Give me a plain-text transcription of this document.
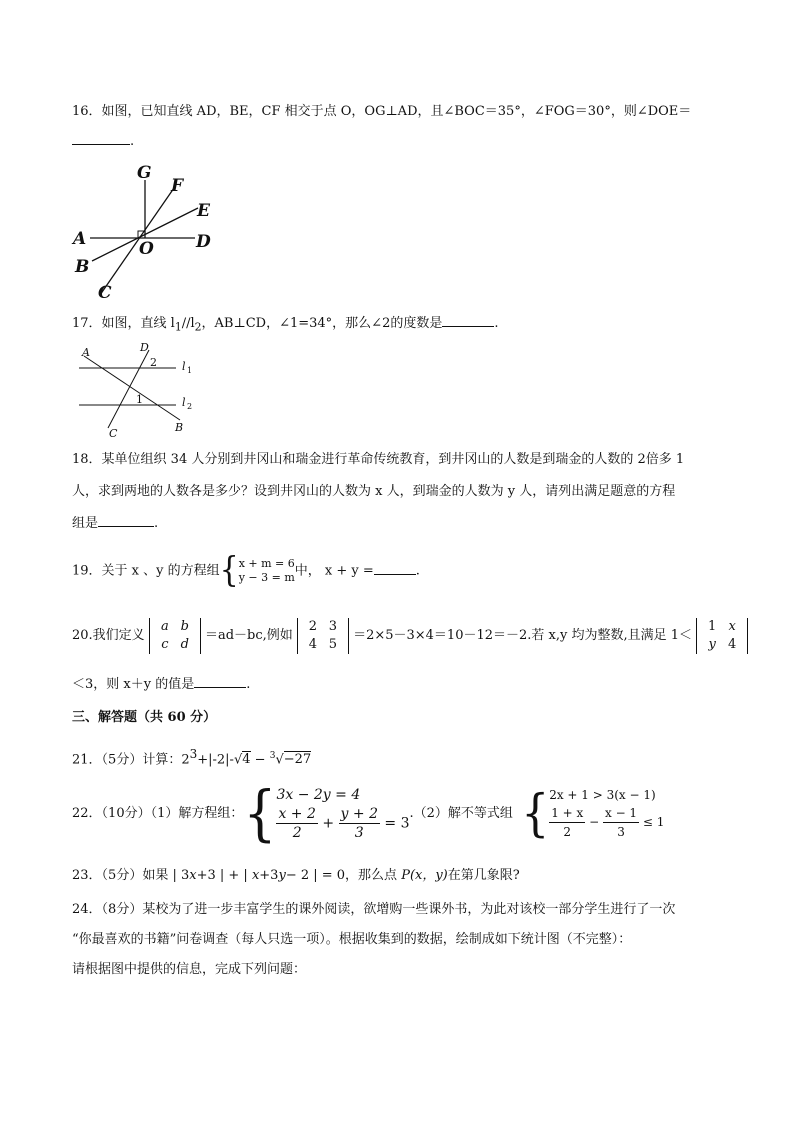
16．如图，已知直线 AD，BE，CF 相交于点 O，OG⊥AD，且∠BOC＝35°，∠FOG＝30°，则∠DOE＝
.
G
F
E
A	O D
B
C
17．如图，直线 $l_1//l_2$，AB⊥CD，∠1=34°，那么∠2的度数是	.
A	D
2 l 1
1	l 2
C	B
18．某单位组织 34 人分别到井冈山和瑞金进行革命传统教育，到井冈山的人数是到瑞金的人数的 2倍多 1
人，求到两地的人数各是多少？设到井冈山的人数为 x 人，到瑞金的人数为 y 人，请列出满足题意的方程
组是	.
19．关于 x 、y 的方程组{ x + m = 6
y − 3 = m 中， x + y =	.
20.我们定义 a b
c d ＝ad－bc,例如 2 3
4 5 ＝2×5－3×4＝10－12＝－2.若 x,y 均为整数,且满足 1＜ 1 x
y 4
＜3，则 x＋y 的值是	.
三、解答题（共 60 分）
21．（5分）计算：$2^3+|-2|-√4 - ^3√-27$
22．（10分）（1）解方程组：{ 3x − 2y = 4
$\frac{x + 2}{2} + \frac{y + 2}{3} = 3$
.（2）解不等式组 { 2x + 1 > 3(x − 1)
$\frac{1 + x}{2} - \frac{x - 1}{3} \le 1$
23．（5分）如果 | 3x+3 | + | x+3y− 2 | = 0，那么点 P(x，y)在第几象限?
24．（8分）某校为了进一步丰富学生的课外阅读，欲增购一些课外书，为此对该校一部分学生进行了一次
“你最喜欢的书籍”问卷调查（每人只选一项）。根据收集到的数据，绘制成如下统计图（不完整）：
请根据图中提供的信息，完成下列问题：
